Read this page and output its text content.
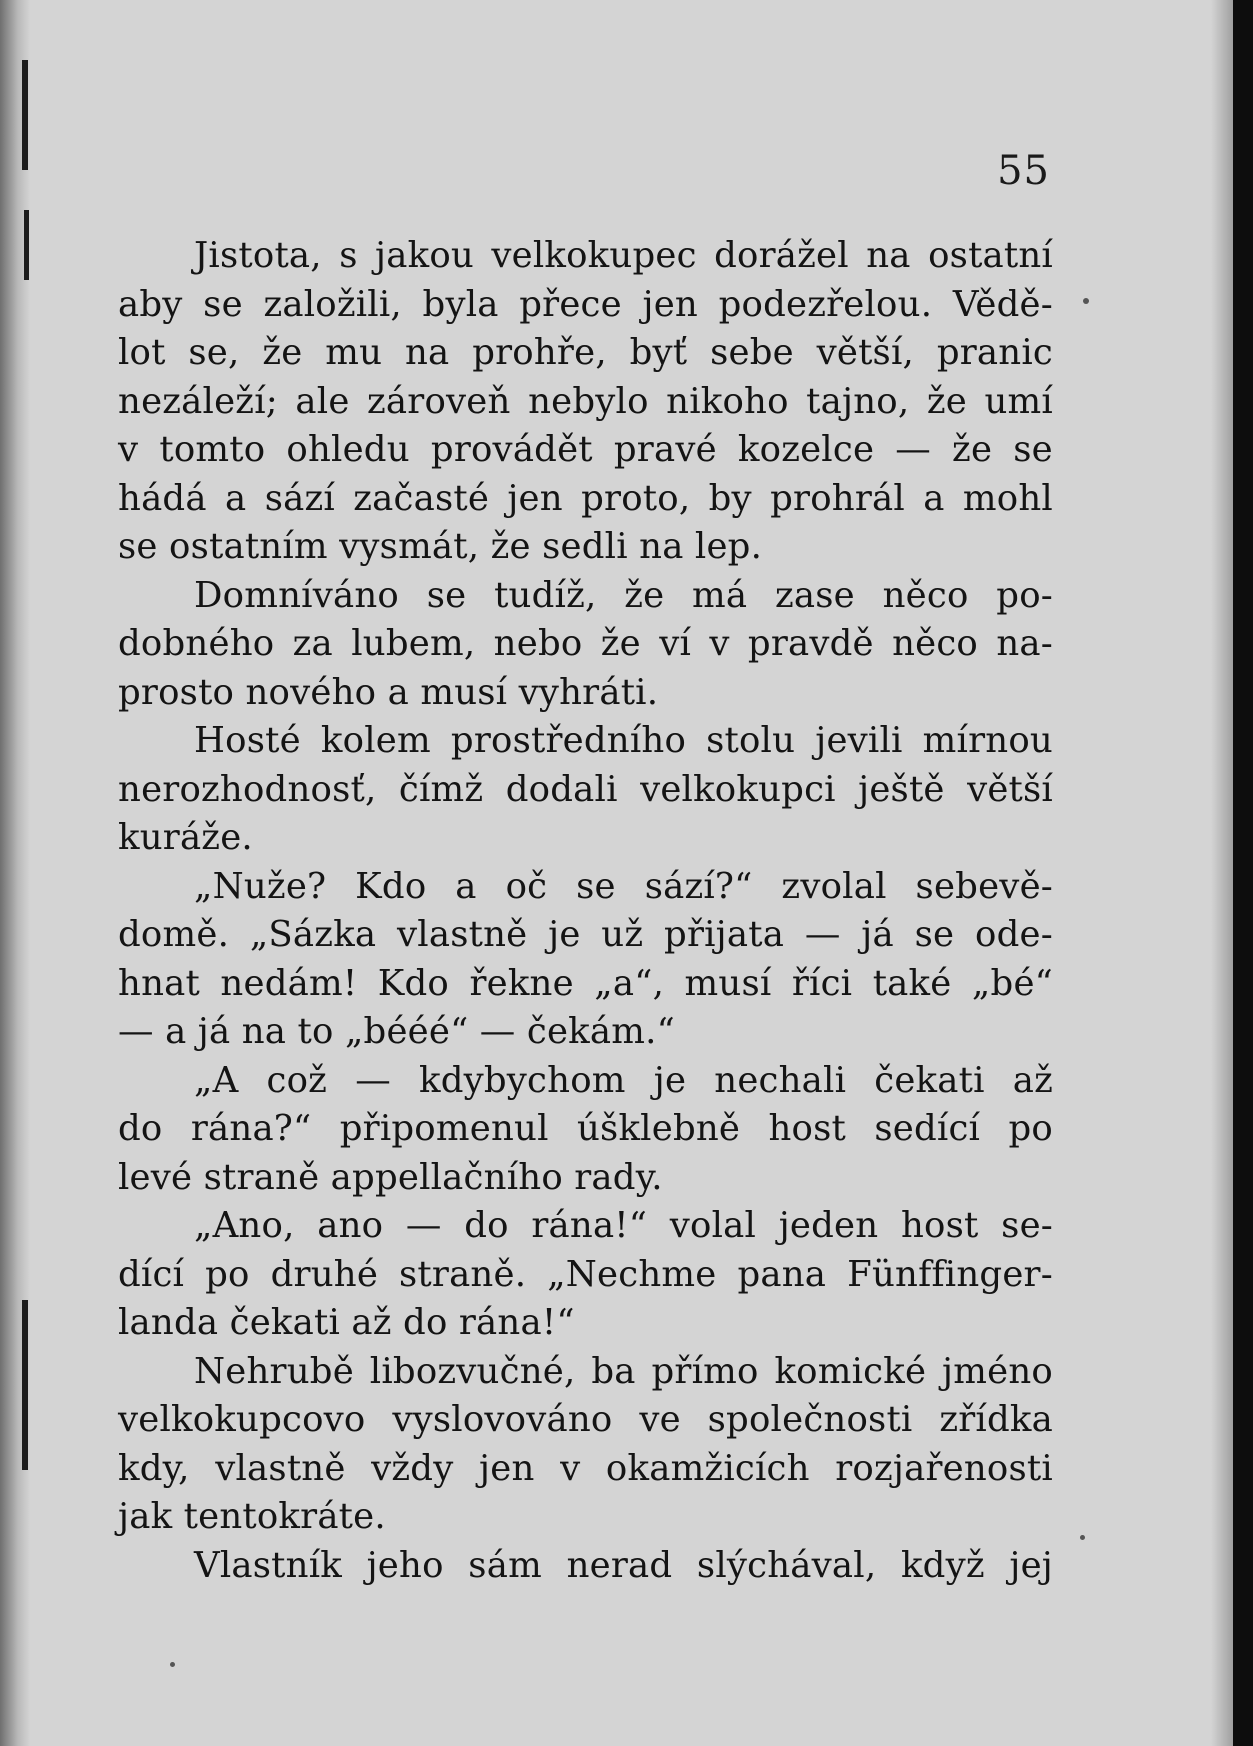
55
Jistota, s jakou velkokupec dorážel na ostatní
aby se založili, byla přece jen podezřelou. Vědě-
lot se, že mu na prohře, byť sebe větší, pranic
nezáleží; ale zároveň nebylo nikoho tajno, že umí
v tomto ohledu provádět pravé kozelce — že se
hádá a sází začasté jen proto, by prohrál a mohl
se ostatním vysmát, že sedli na lep.
Domníváno se tudíž, že má zase něco po-
dobného za lubem, nebo že ví v pravdě něco na-
prosto nového a musí vyhráti.
Hosté kolem prostředního stolu jevili mírnou
nerozhodnosť, čímž dodali velkokupci ještě větší
kuráže.
„Nuže? Kdo a oč se sází?“ zvolal sebevě-
domě. „Sázka vlastně je už přijata — já se ode-
hnat nedám! Kdo řekne „a“, musí říci také „bé“
— a já na to „bééé“ — čekám.“
„A což — kdybychom je nechali čekati až
do rána?“ připomenul úšklebně host sedící po
levé straně appellačního rady.
„Ano, ano — do rána!“ volal jeden host se-
dící po druhé straně. „Nechme pana Fünffinger-
landa čekati až do rána!“
Nehrubě libozvučné, ba přímo komické jméno
velkokupcovo vyslovováno ve společnosti zřídka
kdy, vlastně vždy jen v okamžicích rozjařenosti
jak tentokráte.
Vlastník jeho sám nerad slýchával, když jej
